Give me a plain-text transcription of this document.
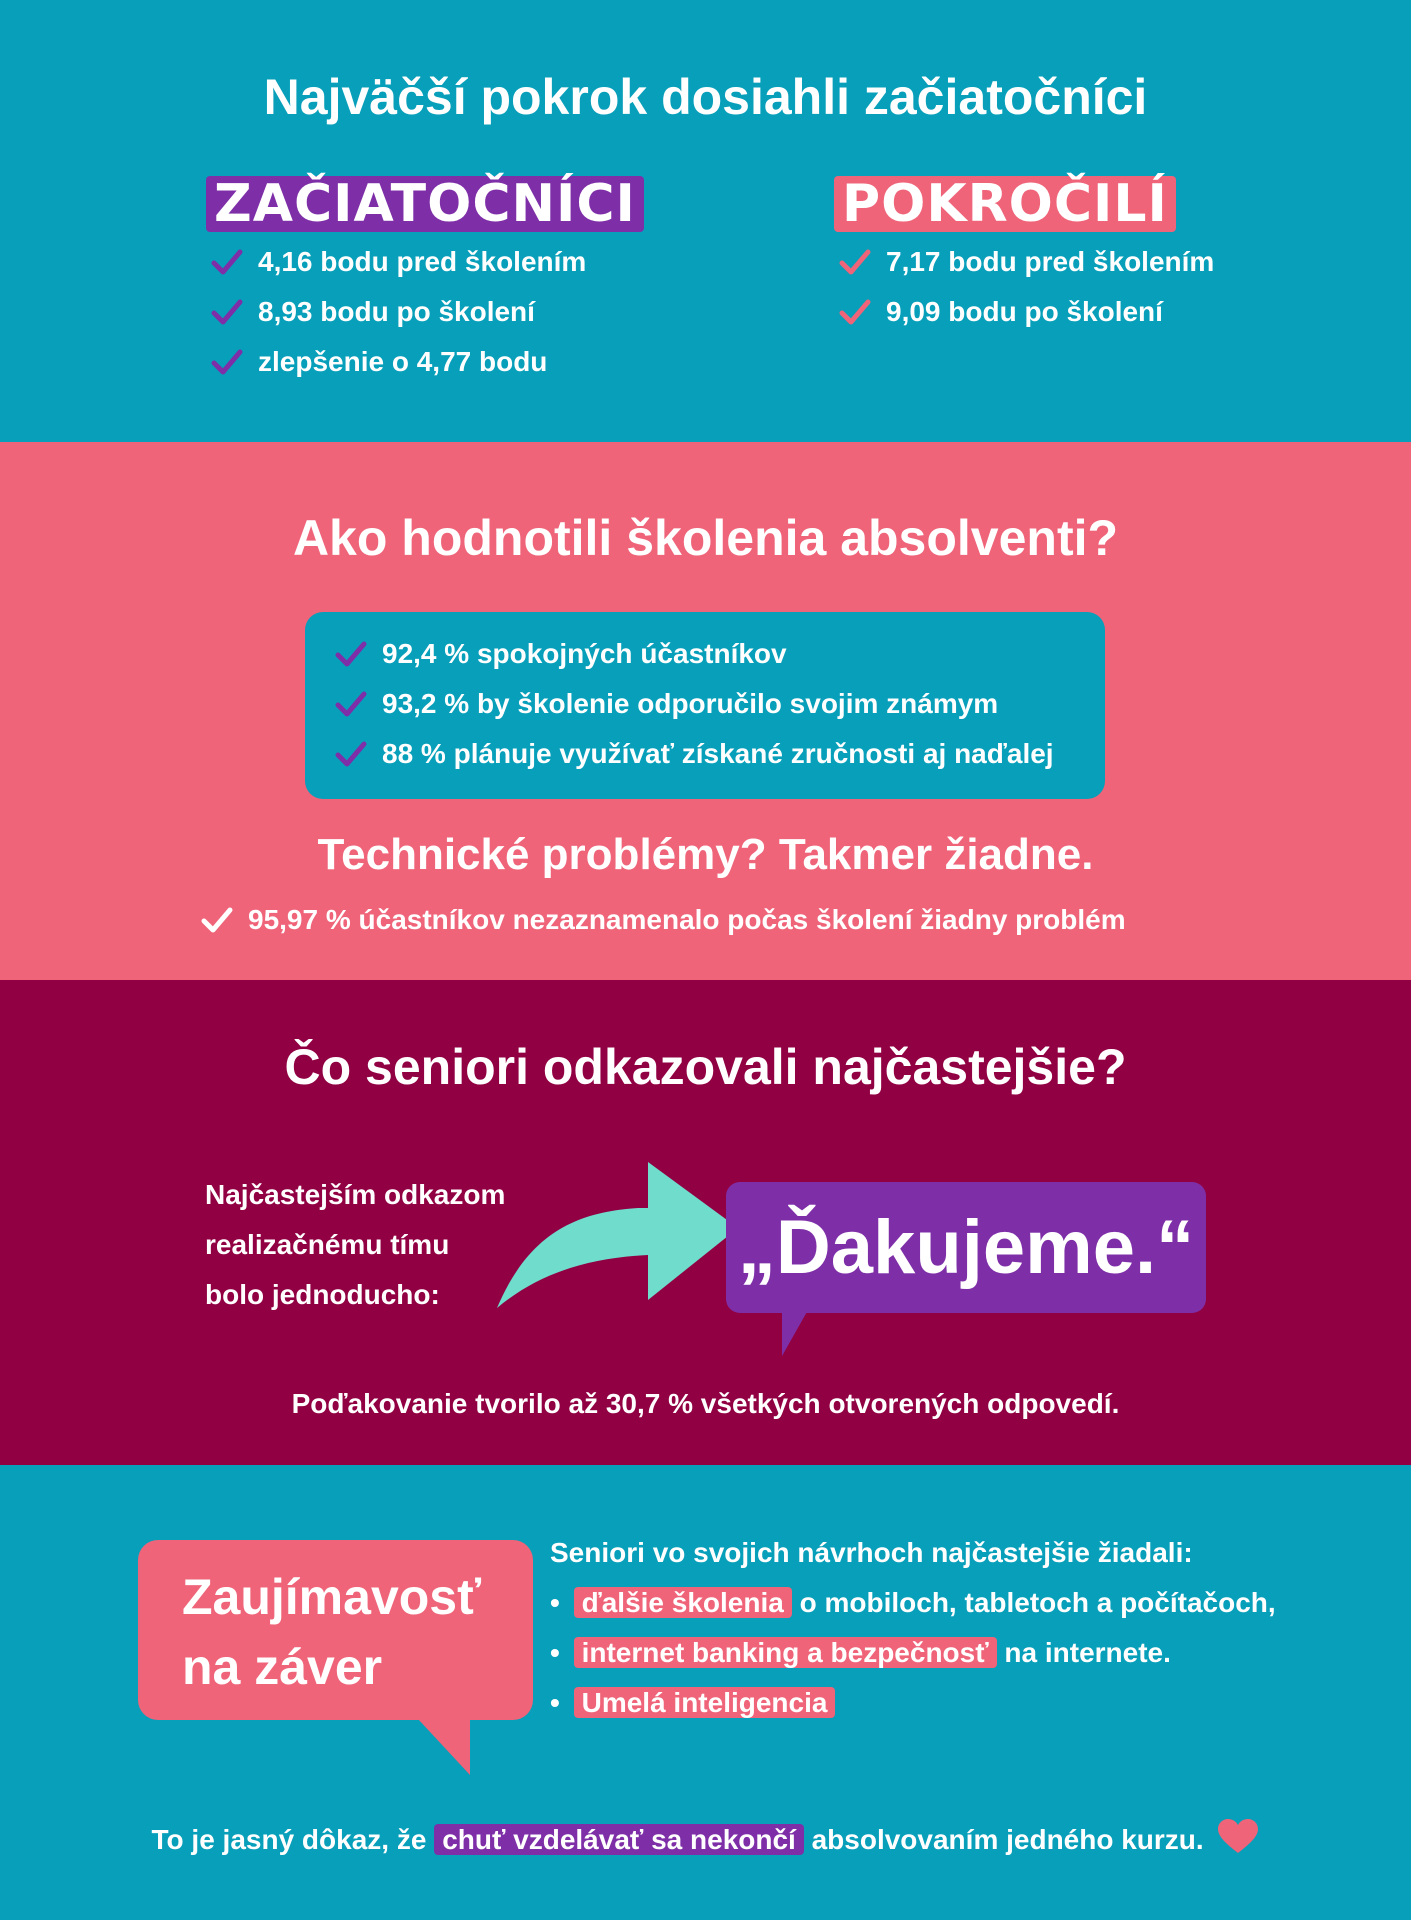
Najväčší pokrok dosiahli začiatočníci
ZAČIATOČNÍCI
4,16 bodu pred školením
8,93 bodu po školení
zlepšenie o 4,77 bodu
POKROČILÍ
7,17 bodu pred školením
9,09 bodu po školení
Ako hodnotili školenia absolventi?
92,4 % spokojných účastníkov
93,2 % by školenie odporučilo svojim známym
88 % plánuje využívať získané zručnosti aj naďalej
Technické problémy? Takmer žiadne.
95,97 % účastníkov nezaznamenalo počas školení žiadny problém
Čo seniori odkazovali najčastejšie?
Najčastejším odkazom
realizačnému tímu
bolo jednoducho:
„Ďakujeme.“
Poďakovanie tvorilo až 30,7 % všetkých otvorených odpovedí.
Zaujímavosť
na záver
Seniori vo svojich návrhoch najčastejšie žiadali:
• ďalšie školenia o mobiloch, tabletoch a počítačoch,
• internet banking a bezpečnosť na internete.
• Umelá inteligencia
To je jasný dôkaz, že chuť vzdelávať sa nekončí absolvovaním jedného kurzu.
